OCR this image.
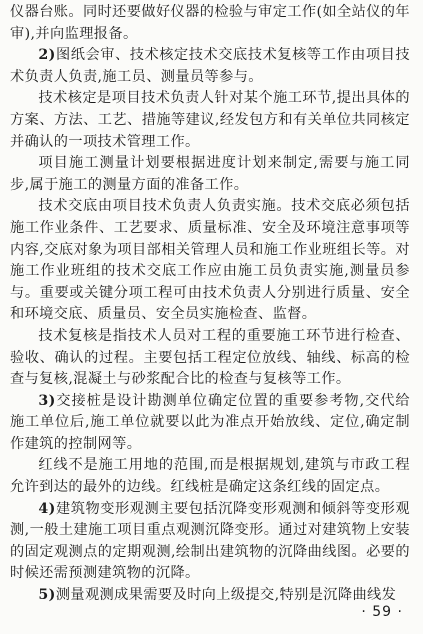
仪器台账。同时还要做好仪器的检验与审定工作(如全站仪的年审),并向监理报备。

2)图纸会审、技术核定技术交底技术复核等工作由项目技术负责人负责,施工员、测量员等参与。

技术核定是项目技术负责人针对某个施工环节,提出具体的方案、方法、工艺、措施等建议,经发包方和有关单位共同核定并确认的一项技术管理工作。

项目施工测量计划要根据进度计划来制定,需要与施工同步,属于施工的测量方面的准备工作。

技术交底由项目技术负责人负责实施。技术交底必须包括施工作业条件、工艺要求、质量标准、安全及环境注意事项等内容,交底对象为项目部相关管理人员和施工作业班组长等。对施工作业班组的技术交底工作应由施工员负责实施,测量员参与。重要或关键分项工程可由技术负责人分别进行质量、安全和环境交底、质量员、安全员实施检查、监督。

技术复核是指技术人员对工程的重要施工环节进行检查、验收、确认的过程。主要包括工程定位放线、轴线、标高的检查与复核,混凝土与砂浆配合比的检查与复核等工作。

3)交接桩是设计勘测单位确定位置的重要参考物,交代给施工单位后,施工单位就要以此为准点开始放线、定位,确定制作建筑的控制网等。

红线不是施工用地的范围,而是根据规划,建筑与市政工程允许到达的最外的边线。红线桩是确定这条红线的固定点。

4)建筑物变形观测主要包括沉降变形观测和倾斜等变形观测,一般土建施工项目重点观测沉降变形。通过对建筑物上安装的固定观测点的定期观测,绘制出建筑物的沉降曲线图。必要的时候还需预测建筑物的沉降。

5)测量观测成果需要及时向上级提交,特别是沉降曲线发

· 59 ·
